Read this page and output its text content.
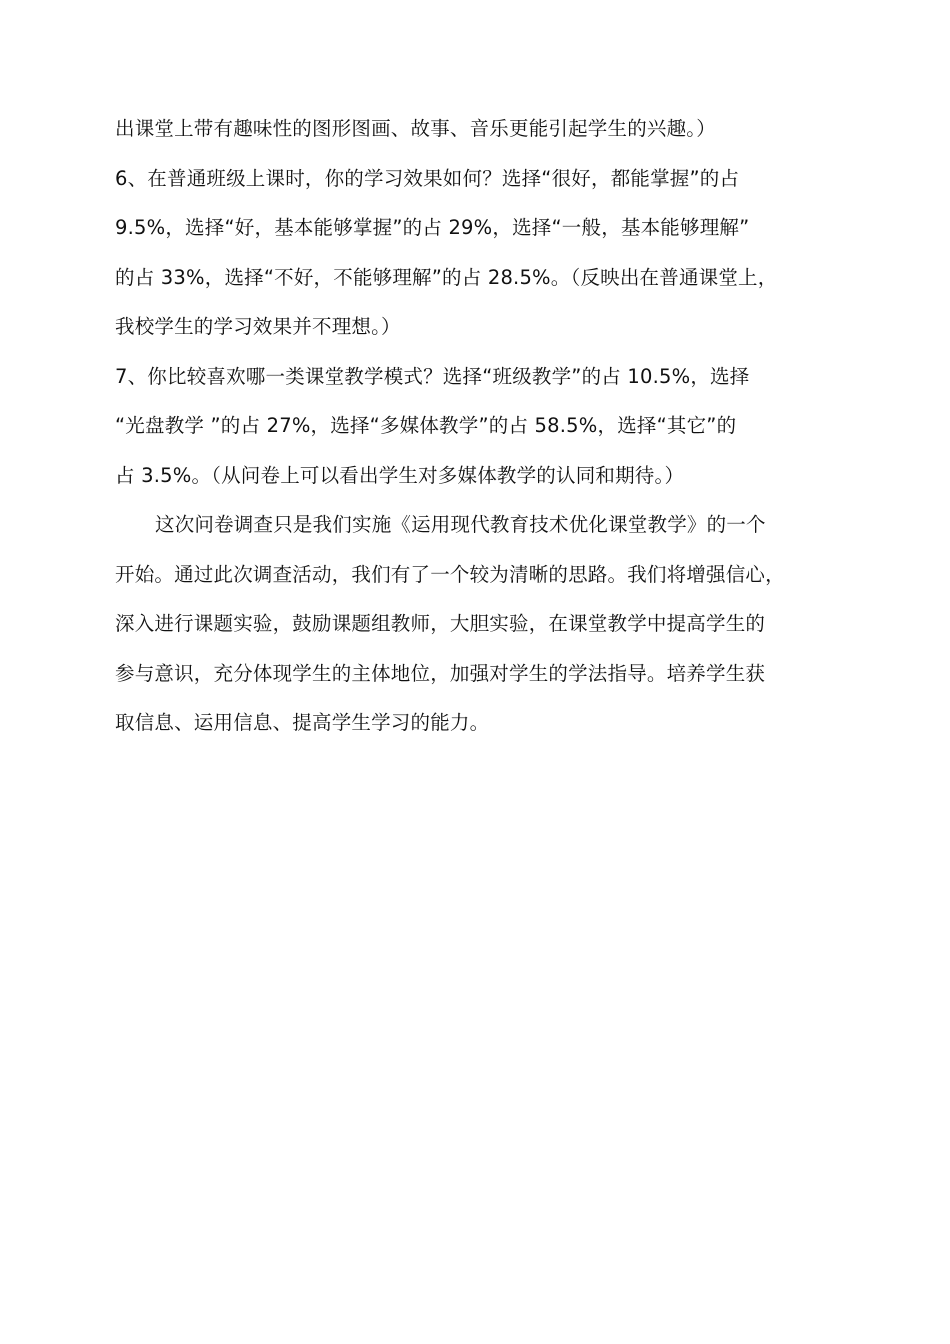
出课堂上带有趣味性的图形图画、故事、音乐更能引起学生的兴趣。）
6、在普通班级上课时，你的学习效果如何？选择“很好，都能掌握”的占
9.5%，选择“好，基本能够掌握”的占 29%，选择“一般，基本能够理解”
的占 33%，选择“不好，不能够理解”的占 28.5%。（反映出在普通课堂上，
我校学生的学习效果并不理想。）
7、你比较喜欢哪一类课堂教学模式？选择“班级教学”的占 10.5%，选择
“光盘教学 ”的占 27%，选择“多媒体教学”的占 58.5%，选择“其它”的
占 3.5%。（从问卷上可以看出学生对多媒体教学的认同和期待。）
这次问卷调查只是我们实施《运用现代教育技术优化课堂教学》的一个
开始。通过此次调查活动，我们有了一个较为清晰的思路。我们将增强信心，
深入进行课题实验，鼓励课题组教师，大胆实验，在课堂教学中提高学生的
参与意识，充分体现学生的主体地位，加强对学生的学法指导。培养学生获
取信息、运用信息、提高学生学习的能力。
